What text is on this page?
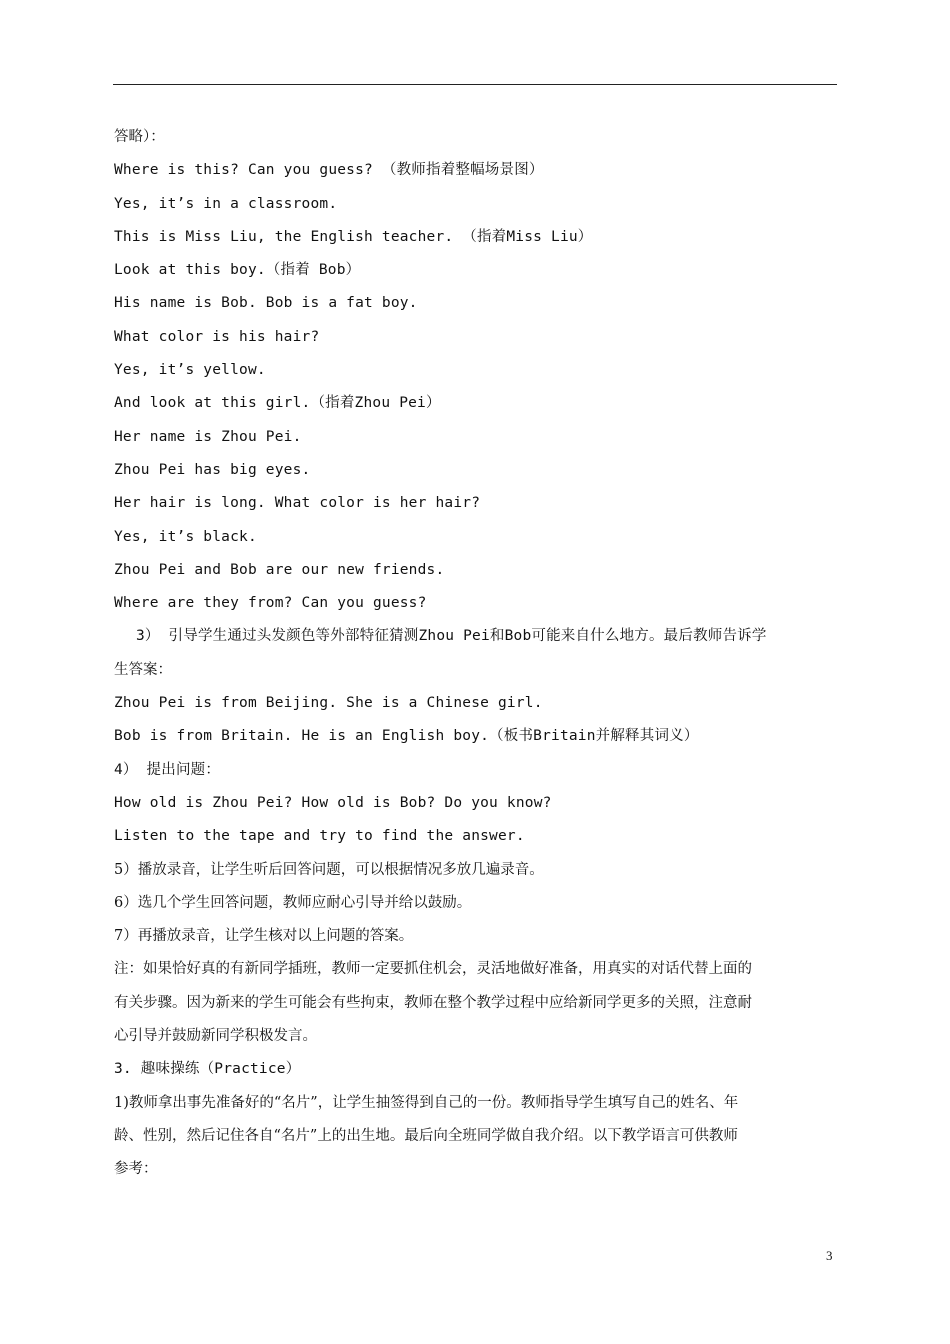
答略）：
Where is this? Can you guess? （教师指着整幅场景图）
Yes, it’s in a classroom.
This is Miss Liu, the English teacher. （指着Miss Liu）
Look at this boy.（指着 Bob）
His name is Bob. Bob is a fat boy.
What color is his hair?
Yes, it’s yellow.
And look at this girl.（指着Zhou Pei）
Her name is Zhou Pei.
Zhou Pei has big eyes.
Her hair is long. What color is her hair?
Yes, it’s black.
Zhou Pei and Bob are our new friends.
Where are they from? Can you guess?
3） 引导学生通过头发颜色等外部特征猜测Zhou Pei和Bob可能来自什么地方。最后教师告诉学
生答案：
Zhou Pei is from Beijing. She is a Chinese girl.
Bob is from Britain. He is an English boy.（板书Britain并解释其词义）
4） 提出问题：
How old is Zhou Pei? How old is Bob? Do you know?
Listen to the tape and try to find the answer.
5）播放录音，让学生听后回答问题，可以根据情况多放几遍录音。
6）选几个学生回答问题，教师应耐心引导并给以鼓励。
7）再播放录音，让学生核对以上问题的答案。
注：如果恰好真的有新同学插班，教师一定要抓住机会，灵活地做好准备，用真实的对话代替上面的
有关步骤。因为新来的学生可能会有些拘束，教师在整个教学过程中应给新同学更多的关照，注意耐
心引导并鼓励新同学积极发言。
3. 趣味操练（Practice）
1)教师拿出事先准备好的“名片”，让学生抽签得到自己的一份。教师指导学生填写自己的姓名、年
龄、性别，然后记住各自“名片”上的出生地。最后向全班同学做自我介绍。以下教学语言可供教师
参考：
3
